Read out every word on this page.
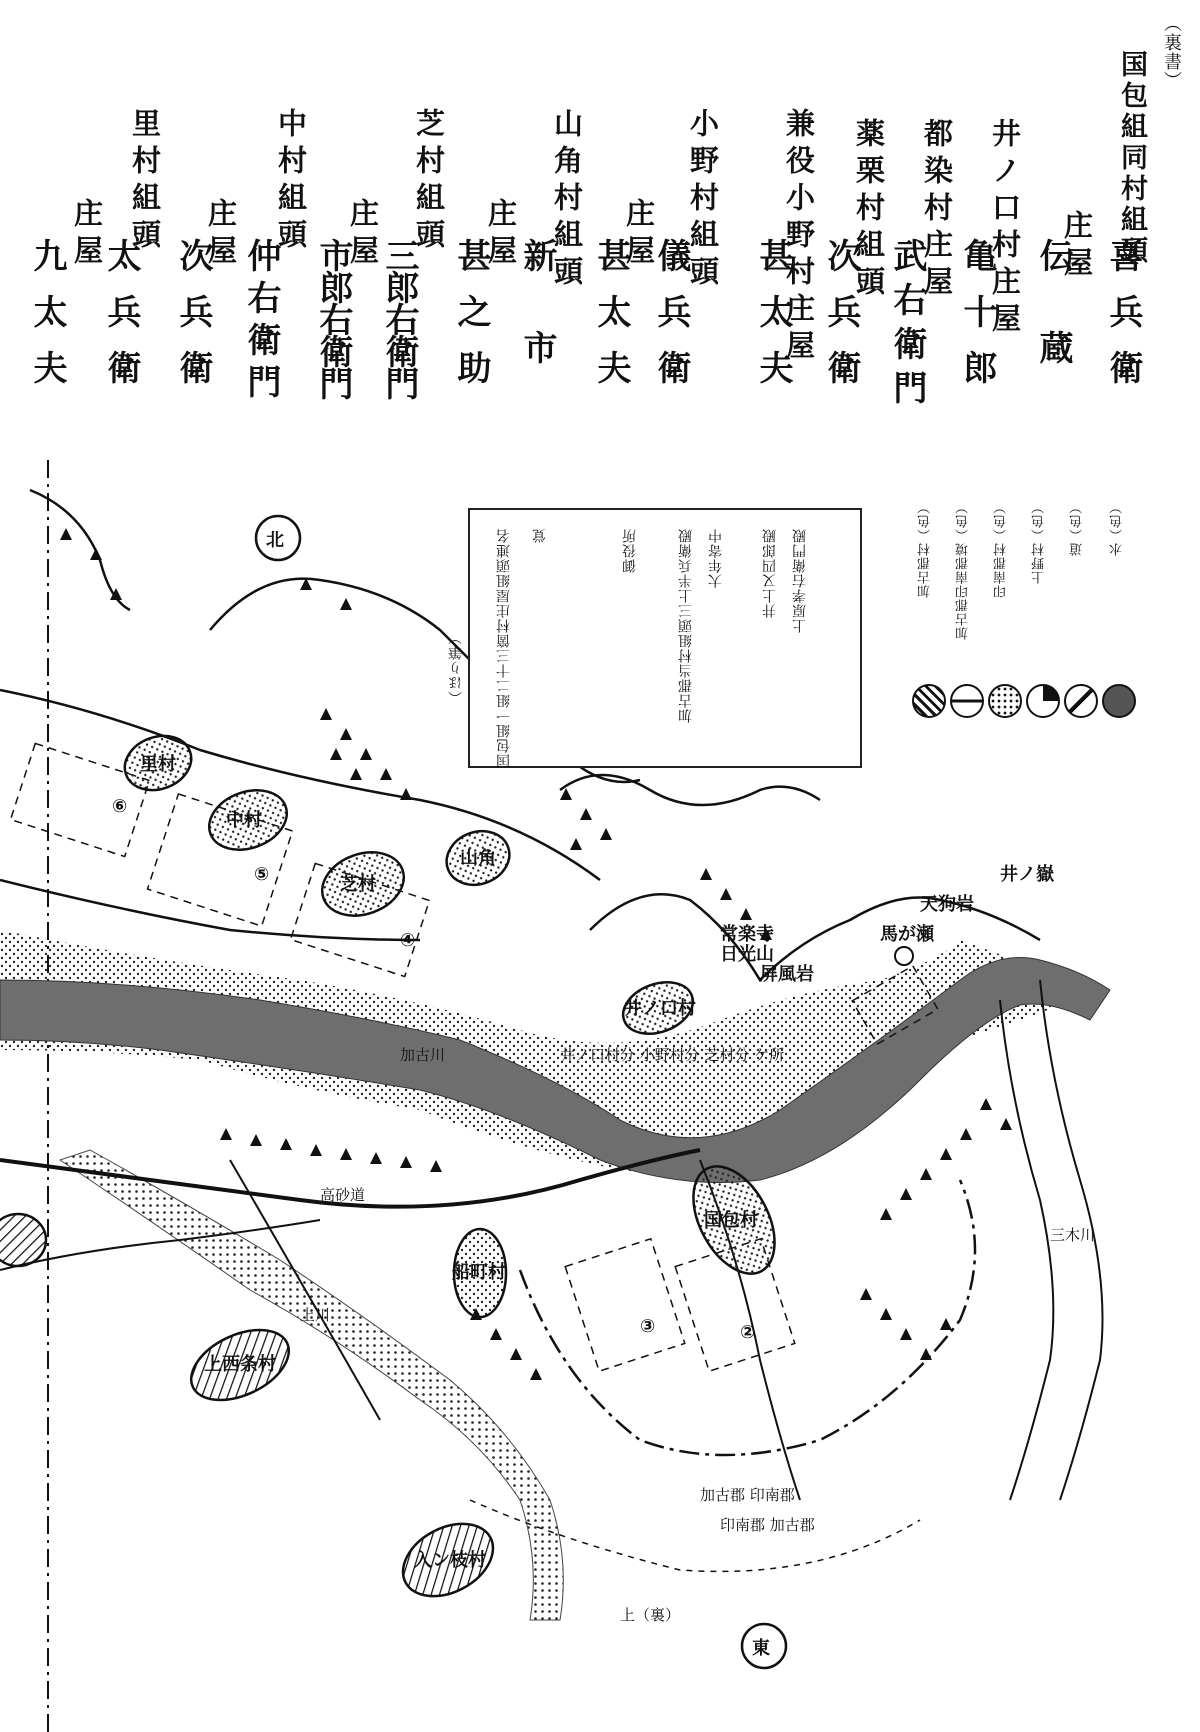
（裏書）
国包組同村組頭
喜兵衛
庄屋
伝蔵
井ノ口村庄屋
亀十郎
都染村庄屋
武右衛門
薬栗村組頭
次兵衛
兼役小野村庄屋
甚太夫
小野村組頭
儀兵衛
庄屋
甚太夫
山角村組頭
新市
庄屋
甚之助
芝村組頭
三郎右衛門
庄屋
市郎右衛門
中村組頭
仲右衛門
庄屋
次兵衛
里村組頭
太兵衛
庄屋
九太夫
里村
中村
芝村
山角
井ノ口村
国包村
船町村
上西条村
入ン枝村
⑥
⑤
④
②
③
加古川
三木川
天狗岩
馬が瀬
井ノ嶽
屏風岩
日光山
常楽寺
高砂道
井ノ口村分 小野村分 芝村分 ケ所
加古郡 印南郡
印南郡 加古郡
上川
上（裏）
北
東
国包組一組二十三箇村庄屋組頭連名 覚	御役所	加古郡当村組頭三上半兵衛殿 大年寄中	井上又四郎殿 上原孝右衛門殿
（ほり筆）
水（色）
道（色）
上野村（色）
印南郡村（色）
加古郡印南郡境（色）
加古郡村（色）
